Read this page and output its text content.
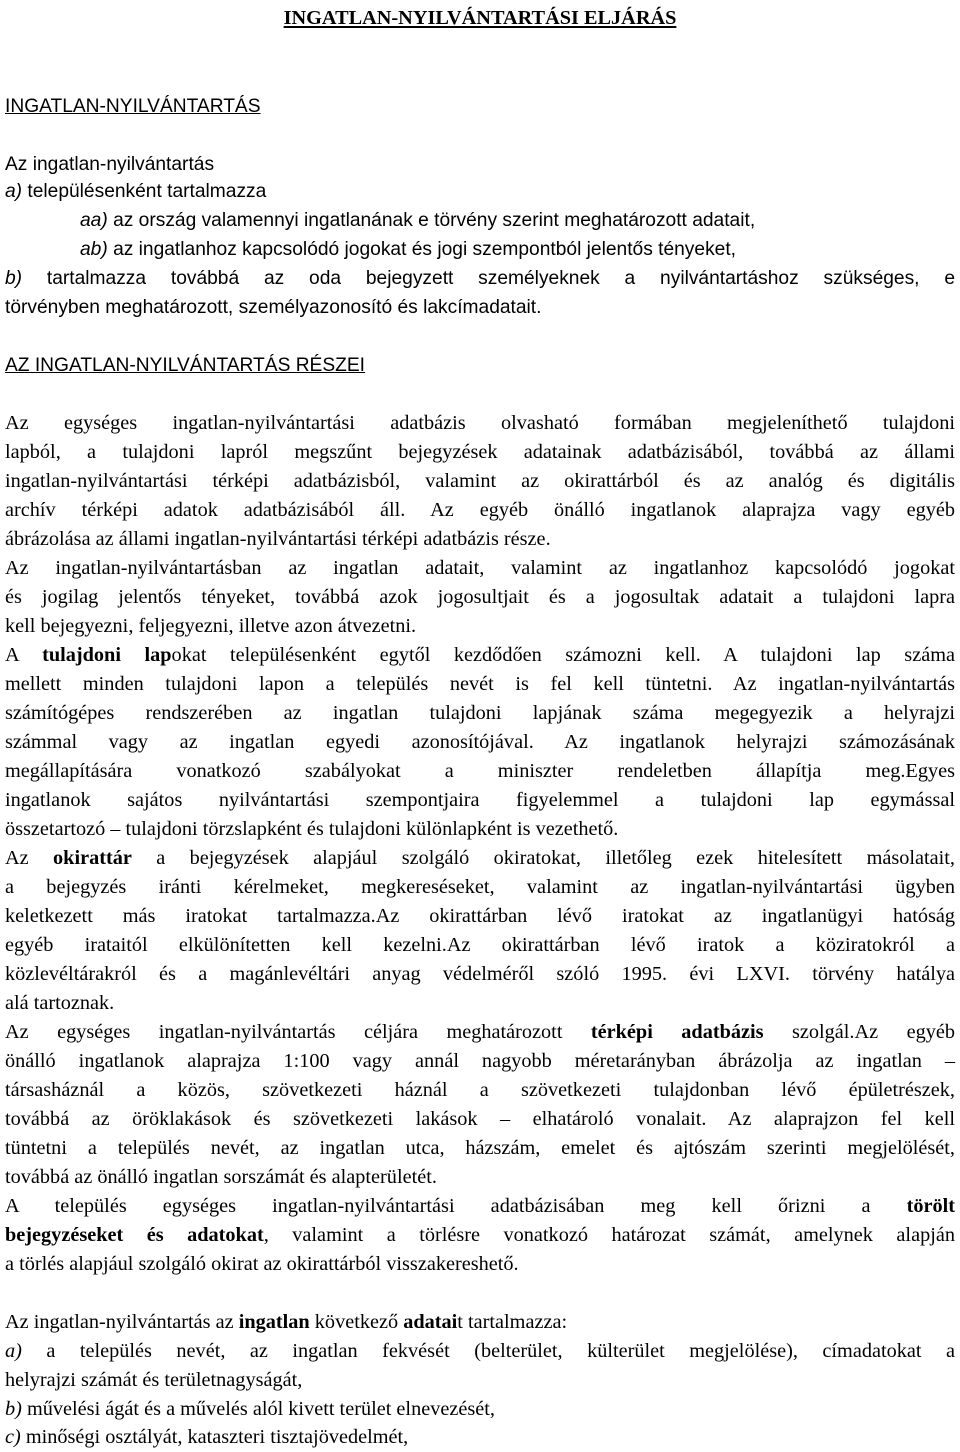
INGATLAN-NYILVÁNTARTÁSI ELJÁRÁS
INGATLAN-NYILVÁNTARTÁS
Az ingatlan-nyilvántartás
a) településenként tartalmazza
aa) az ország valamennyi ingatlanának e törvény szerint meghatározott adatait,
ab) az ingatlanhoz kapcsolódó jogokat és jogi szempontból jelentős tényeket,
b) tartalmazza továbbá az oda bejegyzett személyeknek a nyilvántartáshoz szükséges, e
törvényben meghatározott, személyazonosító és lakcímadatait.
AZ INGATLAN-NYILVÁNTARTÁS RÉSZEI
Az egységes ingatlan-nyilvántartási adatbázis olvasható formában megjeleníthető tulajdoni
lapból, a tulajdoni lapról megszűnt bejegyzések adatainak adatbázisából, továbbá az állami
ingatlan-nyilvántartási térképi adatbázisból, valamint az okirattárból és az analóg és digitális
archív térképi adatok adatbázisából áll. Az egyéb önálló ingatlanok alaprajza vagy egyéb
ábrázolása az állami ingatlan-nyilvántartási térképi adatbázis része.
Az ingatlan-nyilvántartásban az ingatlan adatait, valamint az ingatlanhoz kapcsolódó jogokat
és jogilag jelentős tényeket, továbbá azok jogosultjait és a jogosultak adatait a tulajdoni lapra
kell bejegyezni, feljegyezni, illetve azon átvezetni.
A tulajdoni lapokat településenként egytől kezdődően számozni kell. A tulajdoni lap száma
mellett minden tulajdoni lapon a település nevét is fel kell tüntetni. Az ingatlan-nyilvántartás
számítógépes rendszerében az ingatlan tulajdoni lapjának száma megegyezik a helyrajzi
számmal vagy az ingatlan egyedi azonosítójával. Az ingatlanok helyrajzi számozásának
megállapítására vonatkozó szabályokat a miniszter rendeletben állapítja meg.Egyes
ingatlanok sajátos nyilvántartási szempontjaira figyelemmel a tulajdoni lap egymással
összetartozó – tulajdoni törzslapként és tulajdoni különlapként is vezethető.
Az okirattár a bejegyzések alapjául szolgáló okiratokat, illetőleg ezek hitelesített másolatait,
a bejegyzés iránti kérelmeket, megkereséseket, valamint az ingatlan-nyilvántartási ügyben
keletkezett más iratokat tartalmazza.Az okirattárban lévő iratokat az ingatlanügyi hatóság
egyéb irataitól elkülönítetten kell kezelni.Az okirattárban lévő iratok a köziratokról a
közlevéltárakról és a magánlevéltári anyag védelméről szóló 1995. évi LXVI. törvény hatálya
alá tartoznak.
Az egységes ingatlan-nyilvántartás céljára meghatározott térképi adatbázis szolgál.Az egyéb
önálló ingatlanok alaprajza 1:100 vagy annál nagyobb méretarányban ábrázolja az ingatlan –
társasháznál a közös, szövetkezeti háznál a szövetkezeti tulajdonban lévő épületrészek,
továbbá az öröklakások és szövetkezeti lakások – elhatároló vonalait. Az alaprajzon fel kell
tüntetni a település nevét, az ingatlan utca, házszám, emelet és ajtószám szerinti megjelölését,
továbbá az önálló ingatlan sorszámát és alapterületét.
A település egységes ingatlan-nyilvántartási adatbázisában meg kell őrizni a törölt
bejegyzéseket és adatokat, valamint a törlésre vonatkozó határozat számát, amelynek alapján
a törlés alapjául szolgáló okirat az okirattárból visszakereshető.
Az ingatlan-nyilvántartás az ingatlan következő adatait tartalmazza:
a) a település nevét, az ingatlan fekvését (belterület, külterület megjelölése), címadatokat a
helyrajzi számát és területnagyságát,
b) művelési ágát és a művelés alól kivett terület elnevezését,
c) minőségi osztályát, kataszteri tisztajövedelmét,
